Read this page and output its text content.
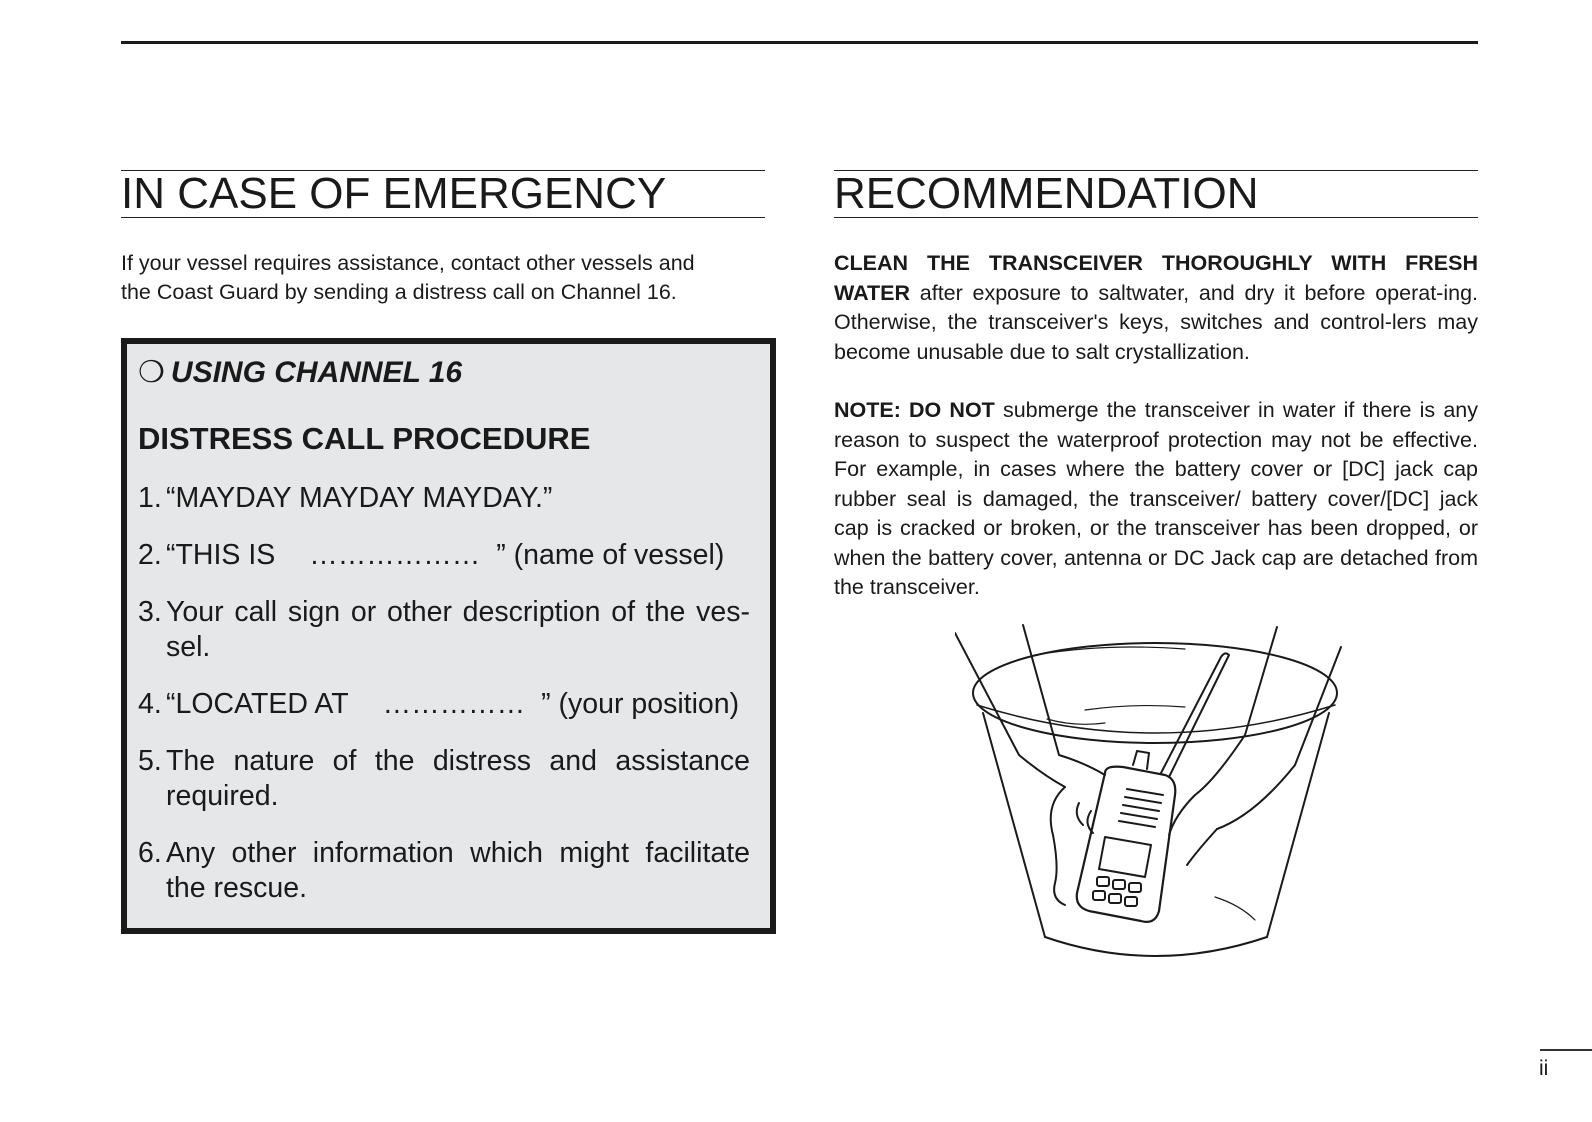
IN CASE OF EMERGENCY
If your vessel requires assistance, contact other vessels and
the Coast Guard by sending a distress call on Channel 16.
❍ USING CHANNEL 16
DISTRESS CALL PROCEDURE
1. “MAYDAY MAYDAY MAYDAY.”
2. “THIS IS ……………… ” (name of vessel)
3. Your call sign or other description of the ves-sel.
4. “LOCATED AT …………… ” (your position)
5. The nature of the distress and assistance required.
6. Any other information which might facilitate the rescue.
RECOMMENDATION

CLEAN THE TRANSCEIVER THOROUGHLY WITH FRESH WATER after exposure to saltwater, and dry it before operat-ing. Otherwise, the transceiver's keys, switches and control-lers may become unusable due to salt crystallization.

NOTE: DO NOT submerge the transceiver in water if there is any reason to suspect the waterproof protection may not be effective. For example, in cases where the battery cover or [DC] jack cap rubber seal is damaged, the transceiver/ battery cover/[DC] jack cap is cracked or broken, or the transceiver has been dropped, or when the battery cover, antenna or DC Jack cap are detached from the transceiver.

ii
